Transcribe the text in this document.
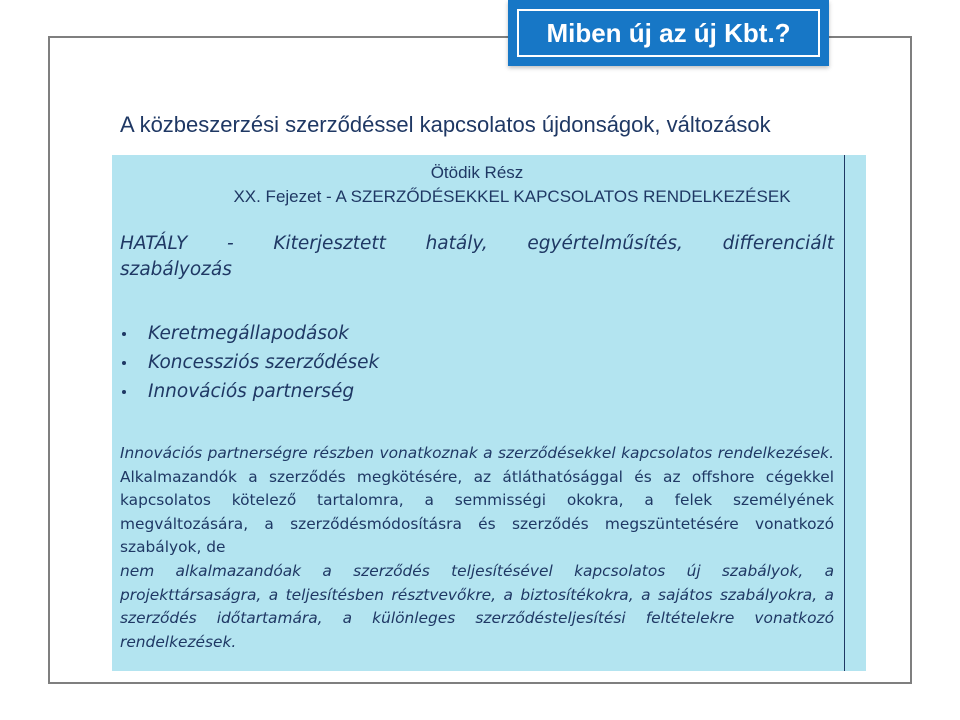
Miben új az új Kbt.?
A közbeszerzési szerződéssel kapcsolatos újdonságok, változások
Ötödik Rész
XX. Fejezet - A SZERZŐDÉSEKKEL KAPCSOLATOS RENDELKEZÉSEK
HATÁLY - Kiterjesztett hatály, egyértelműsítés, differenciált
szabályozás
Keretmegállapodások
Koncessziós szerződések
Innovációs partnerség

Innovációs partnerségre részben vonatkoznak a szerződésekkel kapcsolatos rendelkezések. Alkalmazandók a szerződés megkötésére, az átláthatósággal és az offshore cégekkel kapcsolatos kötelező tartalomra, a semmisségi okokra, a felek személyének megváltozására, a szerződésmódosításra és szerződés megszüntetésére vonatkozó szabályok, de

nem alkalmazandóak a szerződés teljesítésével kapcsolatos új szabályok, a projekttársaságra, a teljesítésben résztvevőkre, a biztosítékokra, a sajátos szabályokra, a szerződés időtartamára, a különleges szerződésteljesítési feltételekre vonatkozó rendelkezések.
